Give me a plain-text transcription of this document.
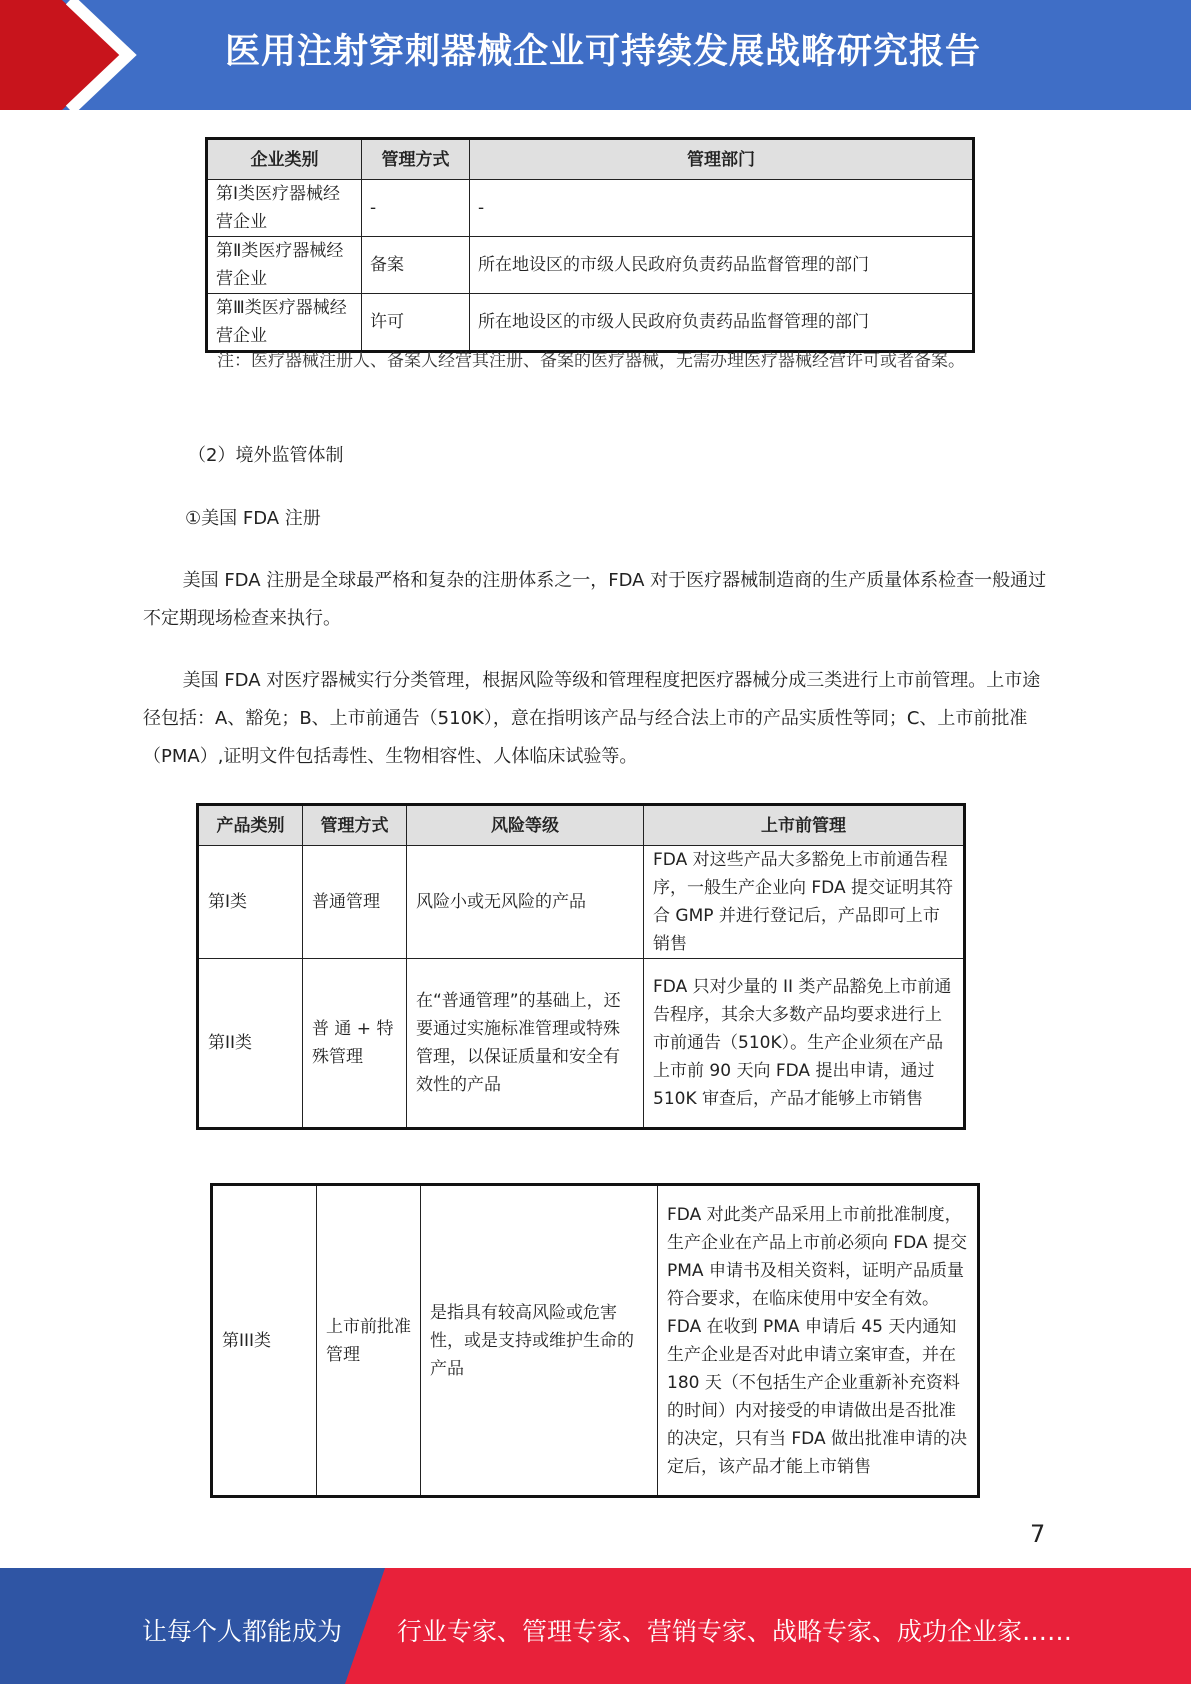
医用注射穿刺器械企业可持续发展战略研究报告
企业类别	管理方式	管理部门
第Ⅰ类医疗器械经营企业	-	-
第Ⅱ类医疗器械经营企业	备案	所在地设区的市级人民政府负责药品监督管理的部门
第Ⅲ类医疗器械经营企业	许可	所在地设区的市级人民政府负责药品监督管理的部门
注：医疗器械注册人、备案人经营其注册、备案的医疗器械，无需办理医疗器械经营许可或者备案。
（2）境外监管体制
①美国 FDA 注册
美国 FDA 注册是全球最严格和复杂的注册体系之一，FDA 对于医疗器械制造商的生产质量体系检查一般通过不定期现场检查来执行。
美国 FDA 对医疗器械实行分类管理，根据风险等级和管理程度把医疗器械分成三类进行上市前管理。上市途径包括：A、豁免；B、上市前通告（510K），意在指明该产品与经合法上市的产品实质性等同；C、上市前批准（PMA）,证明文件包括毒性、生物相容性、人体临床试验等。
产品类别	管理方式	风险等级	上市前管理
第I类	普通管理	风险小或无风险的产品	FDA 对这些产品大多豁免上市前通告程序，一般生产企业向 FDA 提交证明其符合 GMP 并进行登记后，产品即可上市销售
第II类	普 通 + 特殊管理	在“普通管理”的基础上，还要通过实施标准管理或特殊管理，以保证质量和安全有效性的产品	FDA 只对少量的 II 类产品豁免上市前通告程序，其余大多数产品均要求进行上市前通告（510K）。生产企业须在产品上市前 90 天向 FDA 提出申请，通过 510K 审查后，产品才能够上市销售
第III类	上市前批准管理	是指具有较高风险或危害性，或是支持或维护生命的产品	FDA 对此类产品采用上市前批准制度，生产企业在产品上市前必须向 FDA 提交 PMA 申请书及相关资料，证明产品质量符合要求，在临床使用中安全有效。FDA 在收到 PMA 申请后 45 天内通知生产企业是否对此申请立案审查，并在 180 天（不包括生产企业重新补充资料的时间）内对接受的申请做出是否批准的决定，只有当 FDA 做出批准申请的决定后，该产品才能上市销售
7
让每个人都能成为 行业专家、管理专家、营销专家、战略专家、成功企业家……
